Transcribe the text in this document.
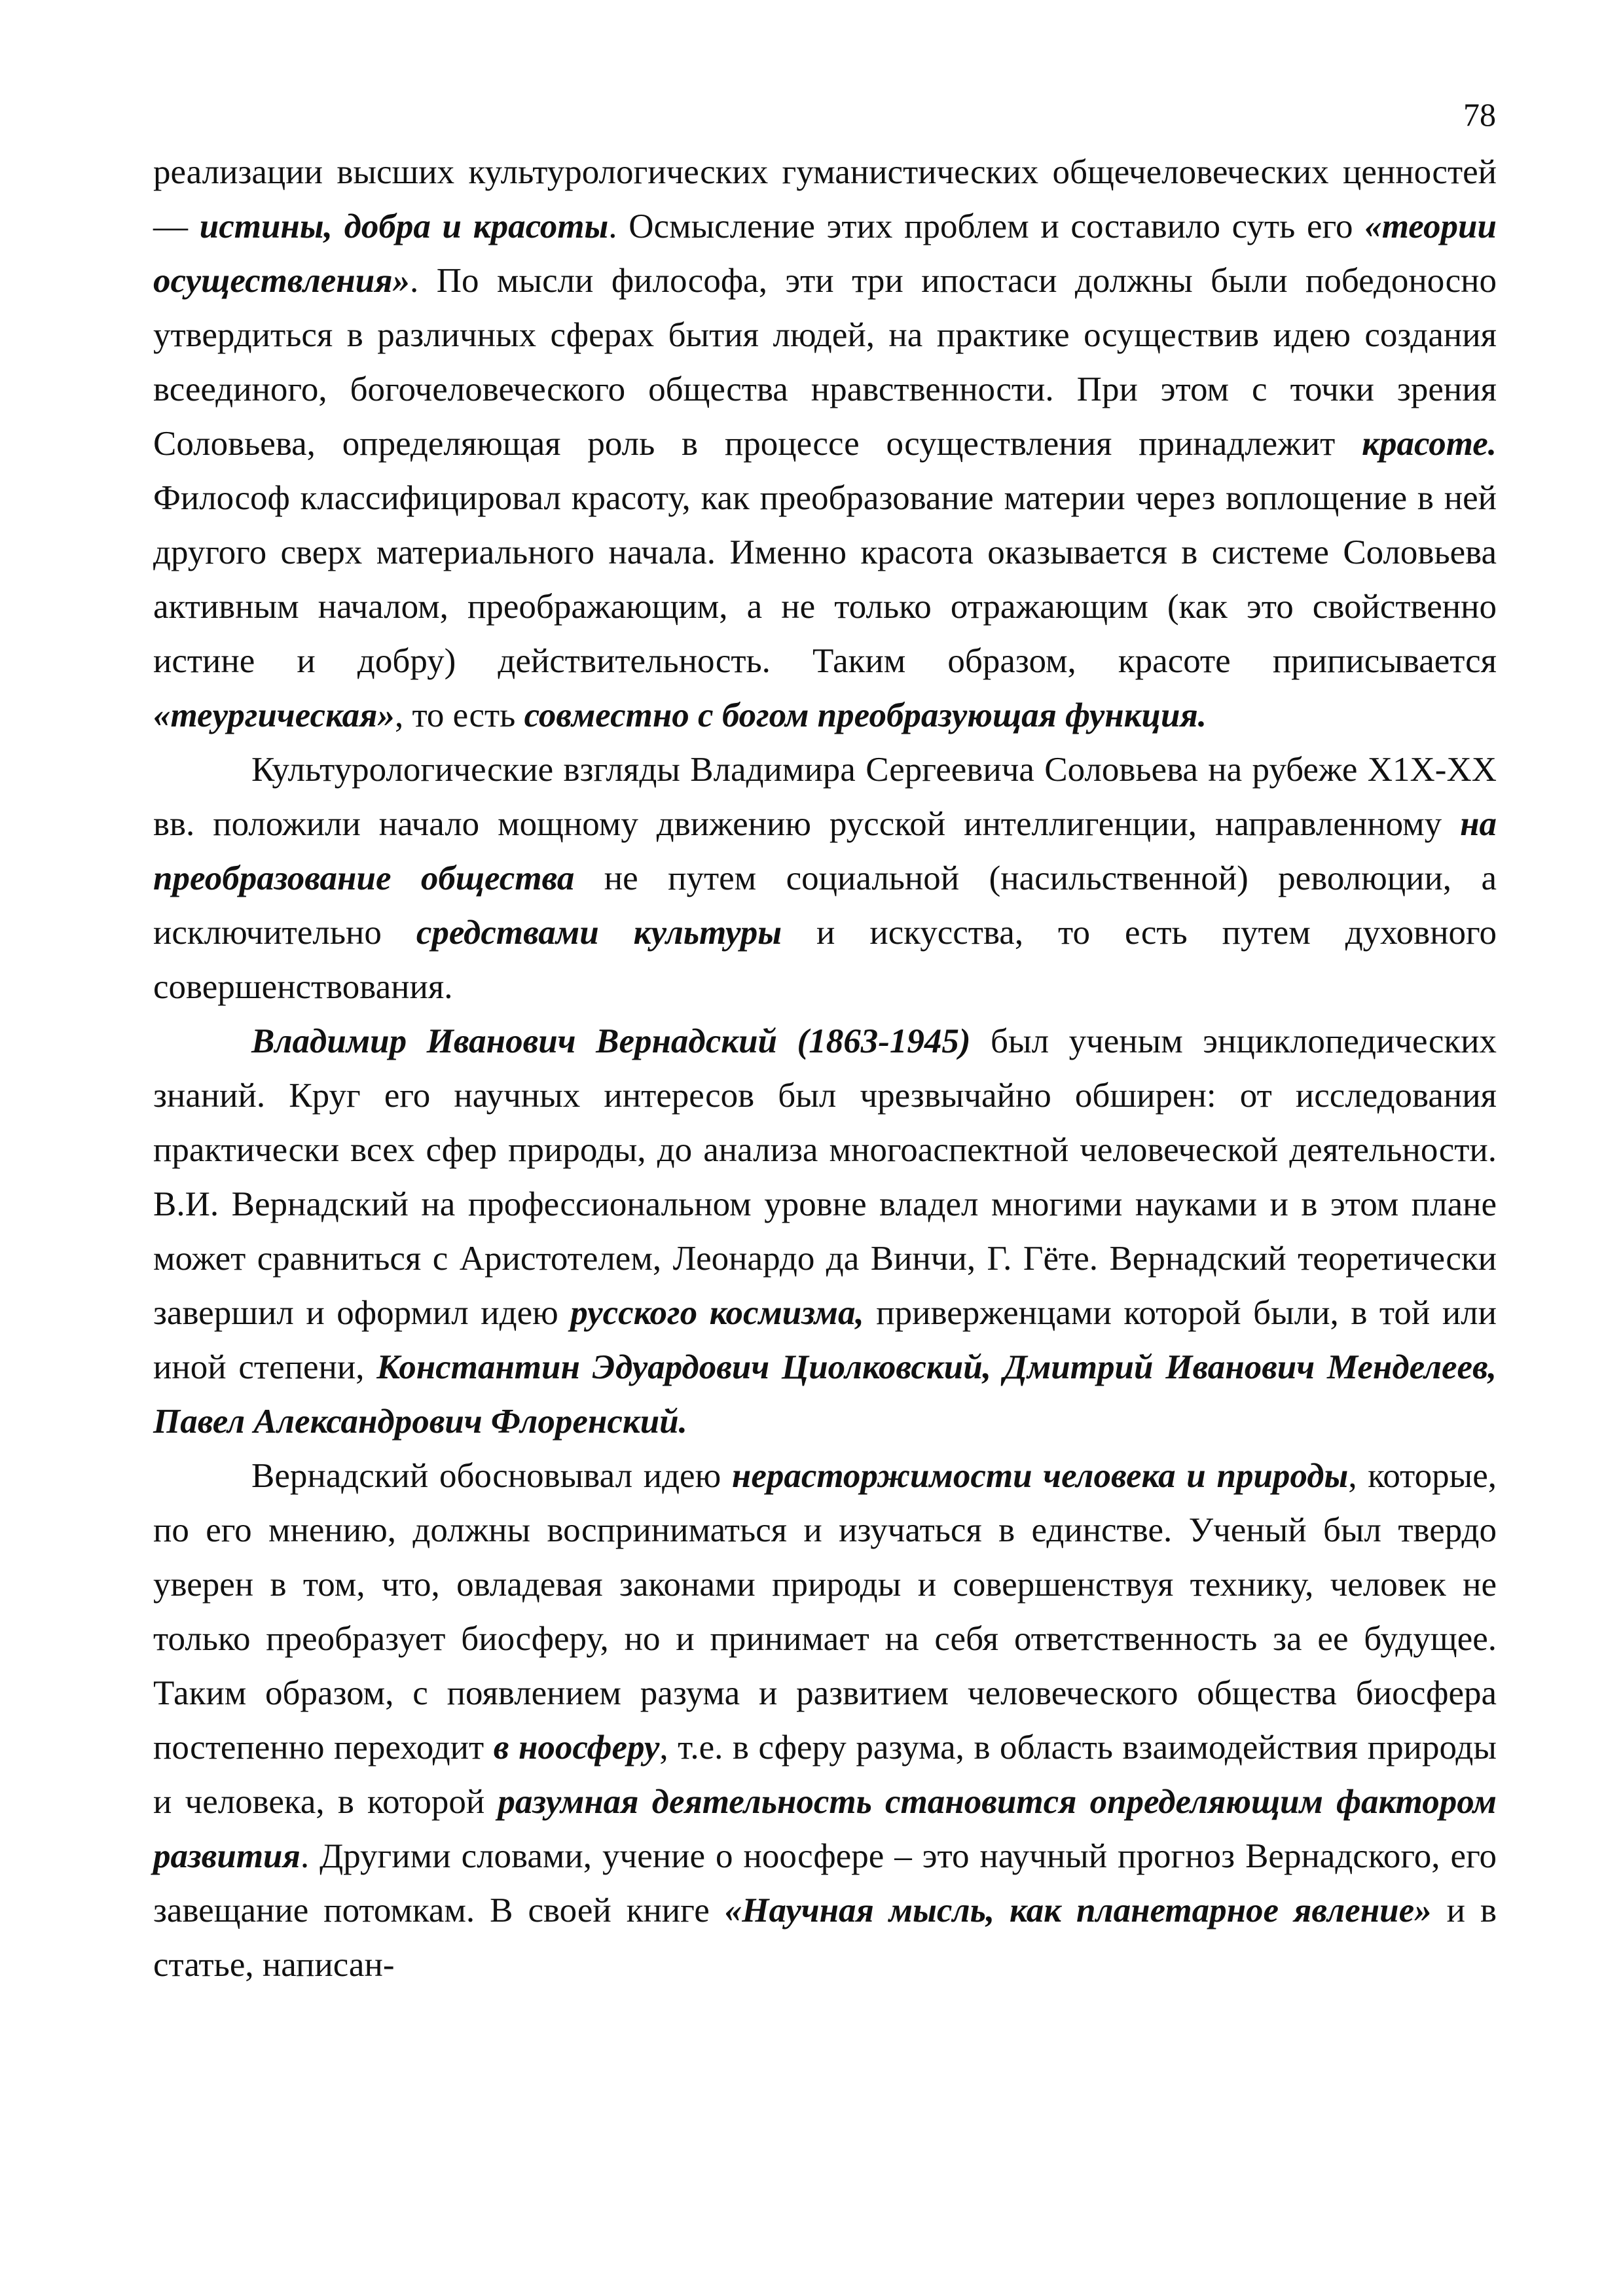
78

реализации высших культурологических гуманистических общечеловеческих ценностей — истины, добра и красоты. Осмысление этих проблем и составило суть его «теории осуществления». По мысли философа, эти три ипостаси должны были победоносно утвердиться в различных сферах бытия людей, на практике осуществив идею создания всеединого, богочеловеческого общества нравственности. При этом с точки зрения Соловьева, определяющая роль в процессе осуществления принадлежит красоте. Философ классифицировал красоту, как преобразование материи через воплощение в ней другого сверх материального начала. Именно красота оказывается в системе Соловьева активным началом, преображающим, а не только отражающим (как это свойственно истине и добру) действительность. Таким образом, красоте приписывается «теургическая», то есть совместно с богом преобразующая функция.

Культурологические взгляды Владимира Сергеевича Соловьева на рубеже Х1Х-ХХ вв. положили начало мощному движению русской интеллигенции, направленному на преобразование общества не путем социальной (насильственной) революции, а исключительно средствами культуры и искусства, то есть путем духовного совершенствования.

Владимир Иванович Вернадский (1863-1945) был ученым энциклопедических знаний. Круг его научных интересов был чрезвычайно обширен: от исследования практически всех сфер природы, до анализа многоаспектной человеческой деятельности. В.И. Вернадский на профессиональном уровне владел многими науками и в этом плане может сравниться с Аристотелем, Леонардо да Винчи, Г. Гёте. Вернадский теоретически завершил и оформил идею русского космизма, приверженцами которой были, в той или иной степени, Константин Эдуардович Циолковский, Дмитрий Иванович Менделеев, Павел Александрович Флоренский.

Вернадский обосновывал идею нерасторжимости человека и природы, которые, по его мнению, должны восприниматься и изучаться в единстве. Ученый был твердо уверен в том, что, овладевая законами природы и совершенствуя технику, человек не только преобразует биосферу, но и принимает на себя ответственность за ее будущее. Таким образом, с появлением разума и развитием человеческого общества биосфера постепенно переходит в ноосферу, т.е. в сферу разума, в область взаимодействия природы и человека, в которой разумная деятельность становится определяющим фактором развития. Другими словами, учение о ноосфере – это научный прогноз Вернадского, его завещание потомкам. В своей книге «Научная мысль, как планетарное явление» и в статье, написан-
